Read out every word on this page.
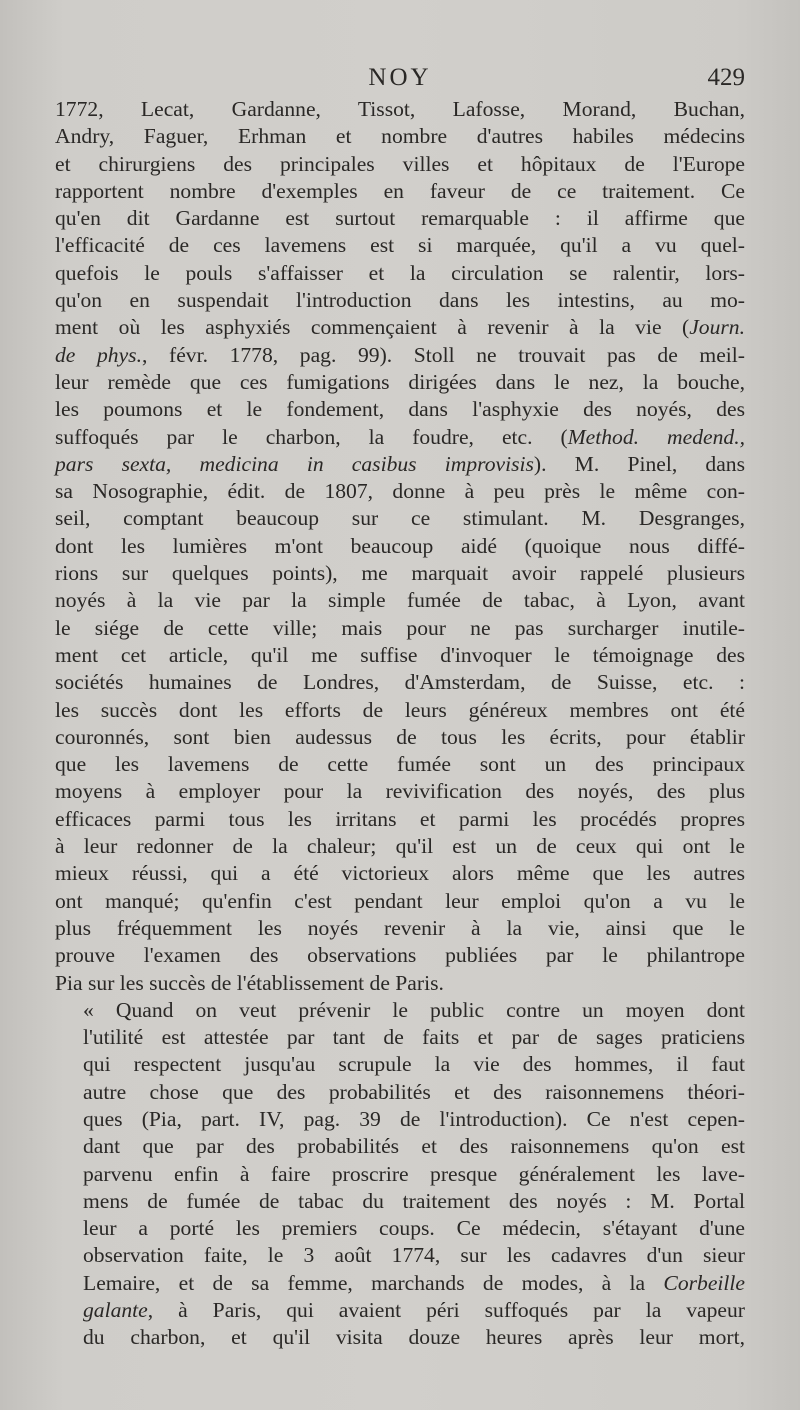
NOY	429

1772, Lecat, Gardanne, Tissot, Lafosse, Morand, Buchan,
Andry, Faguer, Erhman et nombre d'autres habiles médecins
et chirurgiens des principales villes et hôpitaux de l'Europe
rapportent nombre d'exemples en faveur de ce traitement. Ce
qu'en dit Gardanne est surtout remarquable : il affirme que
l'efficacité de ces lavemens est si marquée, qu'il a vu quel-
quefois le pouls s'affaisser et la circulation se ralentir, lors-
qu'on en suspendait l'introduction dans les intestins, au mo-
ment où les asphyxiés commençaient à revenir à la vie (Journ.
de phys., févr. 1778, pag. 99). Stoll ne trouvait pas de meil-
leur remède que ces fumigations dirigées dans le nez, la bouche,
les poumons et le fondement, dans l'asphyxie des noyés, des
suffoqués par le charbon, la foudre, etc. (Method. medend.,
pars sexta, medicina in casibus improvisis). M. Pinel, dans
sa Nosographie, édit. de 1807, donne à peu près le même con-
seil, comptant beaucoup sur ce stimulant. M. Desgranges,
dont les lumières m'ont beaucoup aidé (quoique nous diffé-
rions sur quelques points), me marquait avoir rappelé plusieurs
noyés à la vie par la simple fumée de tabac, à Lyon, avant
le siége de cette ville; mais pour ne pas surcharger inutile-
ment cet article, qu'il me suffise d'invoquer le témoignage des
sociétés humaines de Londres, d'Amsterdam, de Suisse, etc. :
les succès dont les efforts de leurs généreux membres ont été
couronnés, sont bien audessus de tous les écrits, pour établir
que les lavemens de cette fumée sont un des principaux
moyens à employer pour la revivification des noyés, des plus
efficaces parmi tous les irritans et parmi les procédés propres
à leur redonner de la chaleur; qu'il est un de ceux qui ont le
mieux réussi, qui a été victorieux alors même que les autres
ont manqué; qu'enfin c'est pendant leur emploi qu'on a vu le
plus fréquemment les noyés revenir à la vie, ainsi que le
prouve l'examen des observations publiées par le philantrope
Pia sur les succès de l'établissement de Paris.

« Quand on veut prévenir le public contre un moyen dont
l'utilité est attestée par tant de faits et par de sages praticiens
qui respectent jusqu'au scrupule la vie des hommes, il faut
autre chose que des probabilités et des raisonnemens théori-
ques (Pia, part. IV, pag. 39 de l'introduction). Ce n'est cepen-
dant que par des probabilités et des raisonnemens qu'on est
parvenu enfin à faire proscrire presque généralement les lave-
mens de fumée de tabac du traitement des noyés : M. Portal
leur a porté les premiers coups. Ce médecin, s'étayant d'une
observation faite, le 3 août 1774, sur les cadavres d'un sieur
Lemaire, et de sa femme, marchands de modes, à la Corbeille
galante, à Paris, qui avaient péri suffoqués par la vapeur
du charbon, et qu'il visita douze heures après leur mort,
